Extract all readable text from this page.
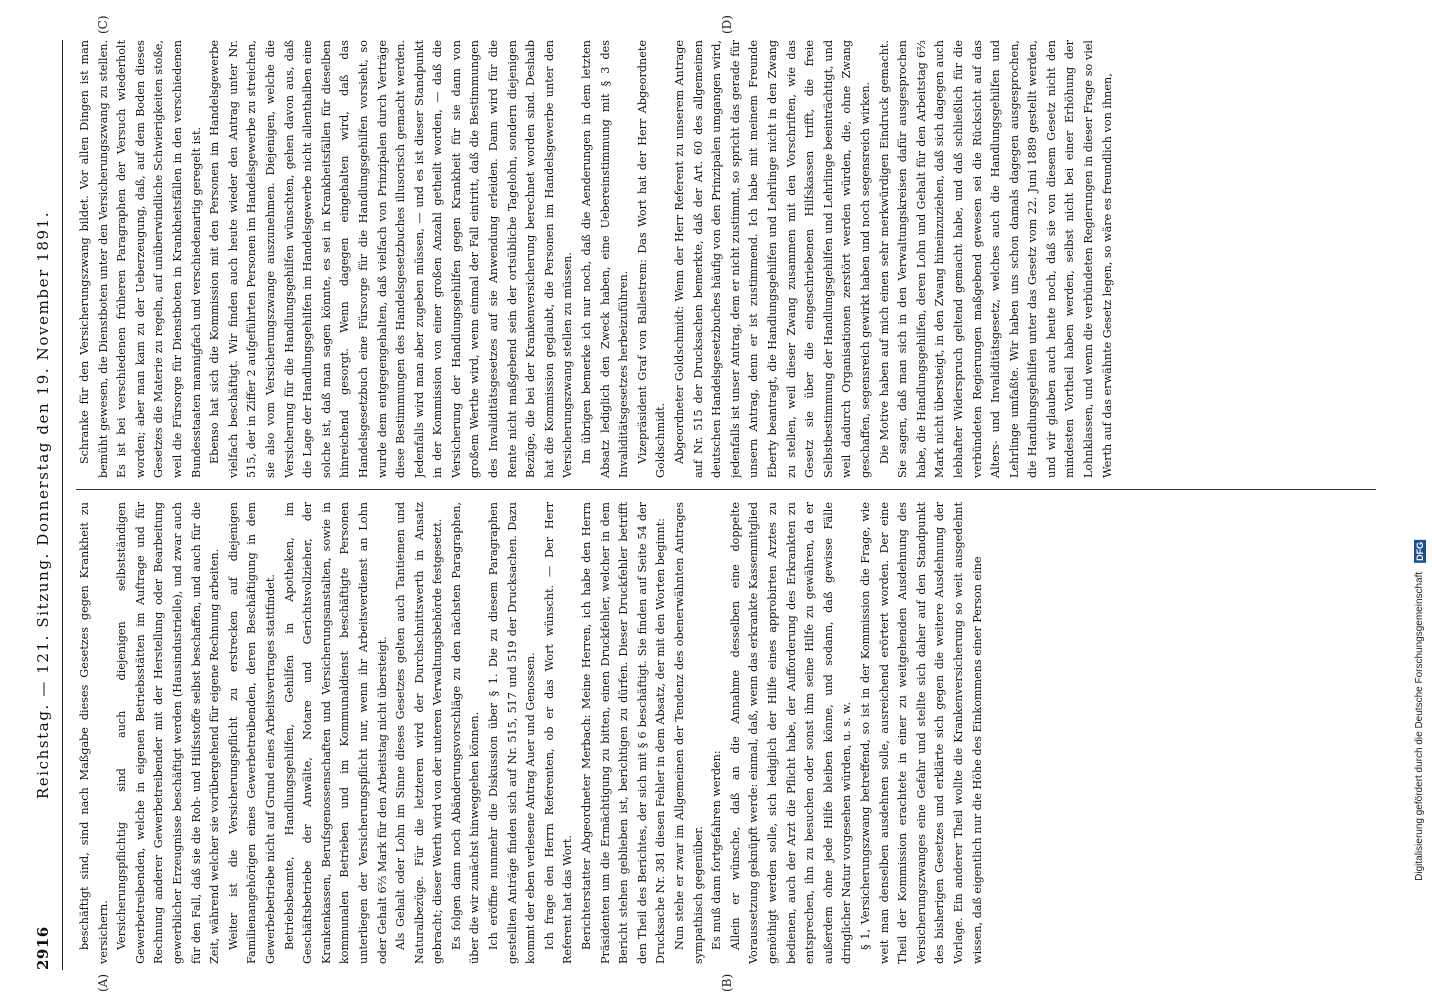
2916
Reichstag. — 121. Sitzung. Donnerstag den 19. November 1891.
(A)	(B)
(C)	(D)

beschäftigt sind, sind nach Maßgabe dieses Gesetzes gegen Krankheit zu versichern. Versicherungspflichtig sind auch diejenigen selbstständigen Gewerbetreibenden, welche in eigenen Betriebsstätten im Auftrage und für Rechnung anderer Gewerbetreibender mit der Herstellung oder Bearbeitung gewerblicher Erzeugnisse beschäftigt werden (Hausindustrielle), und zwar auch für den Fall, daß sie die Roh- und Hilfsstoffe selbst beschaffen, und auch für die Zeit, während welcher sie vorübergehend für eigene Rechnung arbeiten. Weiter ist die Versicherungspflicht zu erstrecken auf diejenigen Familienangehörigen eines Gewerbetreibenden, deren Beschäftigung in dem Gewerbebetriebe nicht auf Grund eines Arbeitsvertrages stattfindet. Betriebsbeamte, Handlungsgehilfen, Gehilfen in Apotheken, im Geschäftsbetriebe der Anwälte, Notare und Gerichtsvollzieher, der Krankenkassen, Berufsgenossenschaften und Versicherungsanstalten, sowie in kommunalen Betrieben und im Kommunaldienst beschäftigte Personen unterliegen der Versicherungspflicht nur, wenn ihr Arbeitsverdienst an Lohn oder Gehalt 6⅔ Mark für den Arbeitstag nicht übersteigt. Als Gehalt oder Lohn im Sinne dieses Gesetzes gelten auch Tantiemen und Naturalbezüge. Für die letzteren wird der Durchschnittswerth in Ansatz gebracht; dieser Werth wird von der unteren Verwaltungsbehörde festgesetzt. Es folgen dann noch Abänderungsvorschläge zu den nächsten Paragraphen, über die wir zunächst hinweggehen können. Ich eröffne nunmehr die Diskussion über § 1. Die zu diesem Paragraphen gestellten Anträge finden sich auf Nr. 515, 517 und 519 der Drucksachen. Dazu kommt der eben verlesene Antrag Auer und Genossen. Ich frage den Herrn Referenten, ob er das Wort wünscht. — Der Herr Referent hat das Wort. Berichterstatter Abgeordneter Merbach: Meine Herren, ich habe den Herrn Präsidenten um die Ermächtigung zu bitten, einen Druckfehler, welcher in dem Bericht stehen geblieben ist, berichtigen zu dürfen. Dieser Druckfehler betrifft den Theil des Berichtes, der sich mit § 6 beschäftigt. Sie finden auf Seite 54 der Drucksache Nr. 381 diesen Fehler in dem Absatz, der mit den Worten beginnt: Nun stehe er zwar im Allgemeinen der Tendenz des obenerwähnten Antrages sympathisch gegenüber. Es muß dann fortgefahren werden: Allein er wünsche, daß an die Annahme desselben eine doppelte Voraussetzung geknüpft werde: einmal, daß, wenn das erkrankte Kassenmitglied genöthigt werden solle, sich lediglich der Hilfe eines approbirten Arztes zu bedienen, auch der Arzt die Pflicht habe, der Aufforderung des Erkrankten zu entsprechen, ihn zu besuchen oder sonst ihm seine Hilfe zu gewähren, da er außerdem ohne jede Hilfe bleiben könne, und sodann, daß gewisse Fälle dringlicher Natur vorgesehen würden, u. s. w. § 1, Versicherungszwang betreffend, so ist in der Kommission die Frage, wie weit man denselben ausdehnen solle, ausreichend erörtert worden. Der eine Theil der Kommission erachtete in einer zu weitgehenden Ausdehnung des Versicherungszwanges eine Gefahr und stellte sich daher auf den Standpunkt des bisherigen Gesetzes und erklärte sich gegen die weitere Ausdehnung der Vorlage. Ein anderer Theil wollte die Krankenversicherung so weit ausgedehnt wissen, daß eigentlich nur die Höhe des Einkommens einer Person eine

Schranke für den Versicherungszwang bildet. Vor allen Dingen ist man bemüht gewesen, die Dienstboten unter den Versicherungszwang zu stellen. Es ist bei verschiedenen früheren Paragraphen der Versuch wiederholt worden; aber man kam zu der Ueberzeugung, daß, auf dem Boden dieses Gesetzes die Materie zu regeln, auf unüberwindliche Schwierigkeiten stoße, weil die Fürsorge für Dienstboten in Krankheitsfällen in den verschiedenen Bundesstaaten mannigfach und verschiedenartig geregelt ist. Ebenso hat sich die Kommission mit den Personen im Handelsgewerbe vielfach beschäftigt. Wir finden auch heute wieder den Antrag unter Nr. 515, der in Ziffer 2 aufgeführten Personen im Handelsgewerbe zu streichen, sie also vom Versicherungszwange auszunehmen. Diejenigen, welche die Versicherung für die Handlungsgehilfen wünschten, gehen davon aus, daß die Lage der Handlungsgehilfen im Handelsgewerbe nicht allenthalben eine solche ist, daß man sagen könnte, es sei in Krankheitsfällen für dieselben hinreichend gesorgt. Wenn dagegen eingehalten wird, daß das Handelsgesetzbuch eine Fürsorge für die Handlungsgehilfen vorsieht, so wurde dem entgegengehalten, daß vielfach von Prinzipalen durch Verträge diese Bestimmungen des Handelsgesetzbuches illusorisch gemacht werden. Jedenfalls wird man aber zugeben müssen, — und es ist dieser Standpunkt in der Kommission von einer großen Anzahl getheilt worden, — daß die Versicherung der Handlungsgehilfen gegen Krankheit für sie dann von großem Werthe wird, wenn einmal der Fall eintritt, daß die Bestimmungen des Invaliditätsgesetzes auf sie Anwendung erleiden. Dann wird für die Rente nicht maßgebend sein der ortsübliche Tagelohn, sondern diejenigen Bezüge, die bei der Krankenversicherung berechnet worden sind. Deshalb hat die Kommission geglaubt, die Personen im Handelsgewerbe unter den Versicherungszwang stellen zu müssen. Im übrigen bemerke ich nur noch, daß die Aenderungen in dem letzten Absatz lediglich den Zweck haben, eine Uebereinstimmung mit § 3 des Invaliditätsgesetzes herbeizuführen. Vizepräsident Graf von Ballestrem: Das Wort hat der Herr Abgeordnete Goldschmidt. Abgeordneter Goldschmidt: Wenn der Herr Referent zu unserem Antrage auf Nr. 515 der Drucksachen bemerkte, daß der Art. 60 des allgemeinen deutschen Handelsgesetzbuches häufig von den Prinzipalen umgangen wird, jedenfalls ist unser Antrag, dem er nicht zustimmt, so spricht das gerade für unsern Antrag, denn er ist zustimmend. Ich habe mit meinem Freunde Eberty beantragt, die Handlungsgehilfen und Lehrlinge nicht in den Zwang zu stellen, weil dieser Zwang zusammen mit den Vorschriften, wie das Gesetz sie über die eingeschriebenen Hilfskassen trifft, die freie Selbstbestimmung der Handlungsgehilfen und Lehrlinge beeinträchtigt, und weil dadurch Organisationen zerstört werden würden, die, ohne Zwang geschaffen, segensreich gewirkt haben und noch segensreich wirken. Die Motive haben auf mich einen sehr merkwürdigen Eindruck gemacht. Sie sagen, daß man sich in den Verwaltungskreisen dafür ausgesprochen habe, die Handlungsgehilfen, deren Lohn und Gehalt für den Arbeitstag 6⅔ Mark nicht übersteigt, in den Zwang hineinzuziehen, daß sich dagegen auch lebhafter Widerspruch geltend gemacht habe, und daß schließlich für die verbündeten Regierungen maßgebend gewesen sei die Rücksicht auf das Alters- und Invaliditätsgesetz, welches auch die Handlungsgehilfen und Lehrlinge umfaßte. Wir haben uns schon damals dagegen ausgesprochen, die Handlungsgehilfen unter das Gesetz vom 22. Juni 1889 gestellt werden, und wir glauben auch heute noch, daß sie von diesem Gesetz nicht den mindesten Vortheil haben werden, selbst nicht bei einer Erhöhung der Lohnklassen, und wenn die verbündeten Regierungen in dieser Frage so viel Werth auf das erwähnte Gesetz legen, so wäre es freundlich von ihnen,

Digitalisierung gefördert durch die Deutsche Forschungsgemeinschaft DFG
